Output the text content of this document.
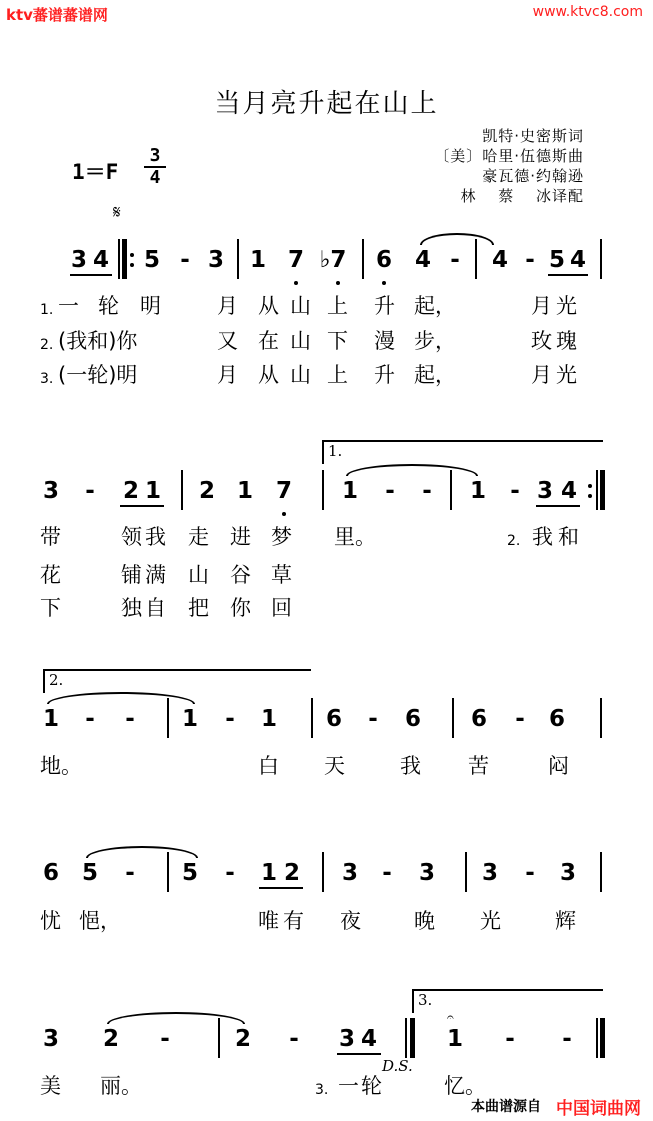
ktv蕃谱蕃谱网	www.ktvc8.com
当月亮升起在山上
1＝F
3
4
凯特·史密斯词
〔美〕哈里·伍德斯曲
豪瓦德·约翰逊
林　 蔡　 冰译配
𝄋
3 4 5 - 3 1 7 ♭7 6 4 - 4 - 5 4
1. 一 轮 明	月 从 山 上 升 起，	月 光
2. (我和)你	又 在 山 下 漫 步，	玫 瑰
3. (一轮)明	月 从 山 上 升 起，	月 光
1.
3 - 2 1 2 1 7 1 - - 1 - 3 4
带	领 我 走 进 梦 里。	2. 我 和
花	铺 满 山 谷 草
下	独 自 把 你 回
2.
1 - - 1 - 1 6 - 6 6 - 6
地。	白 天	我 苦	闷
6 5 - 5 - 1 2 3 - 3 3 - 3
忧 悒，	唯 有 夜	晚 光	辉
3.
3 2 -	2 - 3 4
𝄐
1 - -
D.S.
美 丽。	3. 一 轮	忆。
本曲谱源自 中国词曲网
